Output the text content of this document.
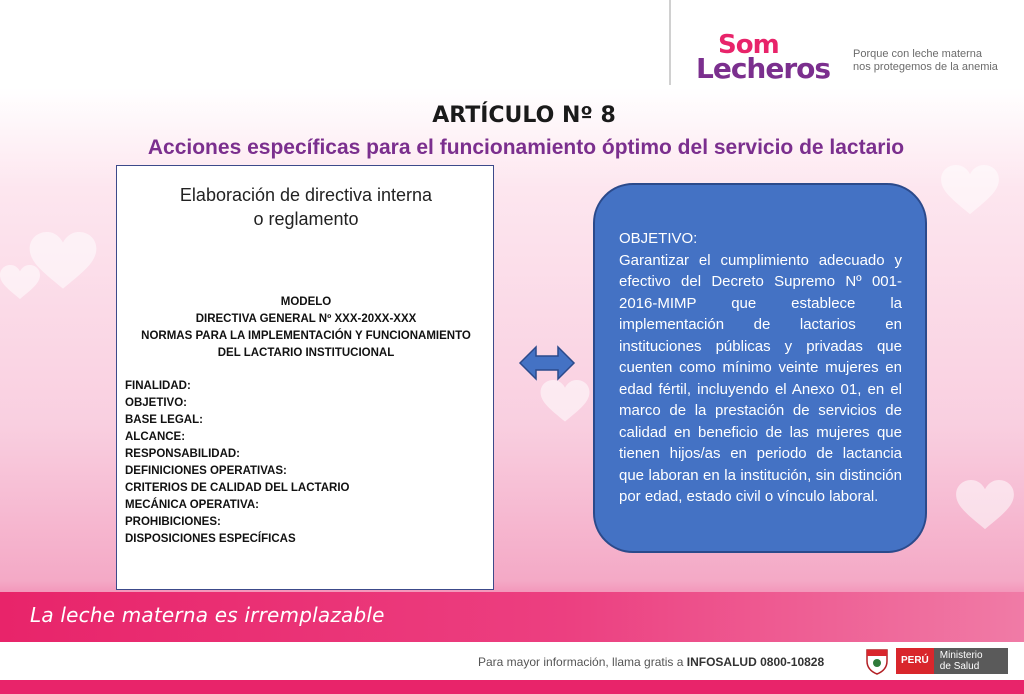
Som
Lecheros Porque con leche materna
nos protegemos de la anemia
ARTÍCULO Nº 8
Acciones específicas para el funcionamiento óptimo del servicio de lactario
Elaboración de directiva interna
o reglamento
MODELO
DIRECTIVA GENERAL Nº XXX-20XX-XXX
NORMAS PARA LA IMPLEMENTACIÓN Y FUNCIONAMIENTO
DEL LACTARIO INSTITUCIONAL
FINALIDAD:
OBJETIVO:
BASE LEGAL:
ALCANCE:
RESPONSABILIDAD:
DEFINICIONES OPERATIVAS:
CRITERIOS DE CALIDAD DEL LACTARIO
MECÁNICA OPERATIVA:
PROHIBICIONES:
DISPOSICIONES ESPECÍFICAS
OBJETIVO:
Garantizar el cumplimiento adecuado y efectivo del Decreto Supremo Nº 001-2016-MIMP que establece la implementación de lactarios en instituciones públicas y privadas que cuenten como mínimo veinte mujeres en edad fértil, incluyendo el Anexo 01, en el marco de la prestación de servicios de calidad en beneficio de las mujeres que tienen hijos/as en periodo de lactancia que laboran en la institución, sin distinción por edad, estado civil o vínculo laboral.
La leche materna es irremplazable
Para mayor información, llama gratis a INFOSALUD 0800-10828	PERÚ	Ministerio
de Salud
